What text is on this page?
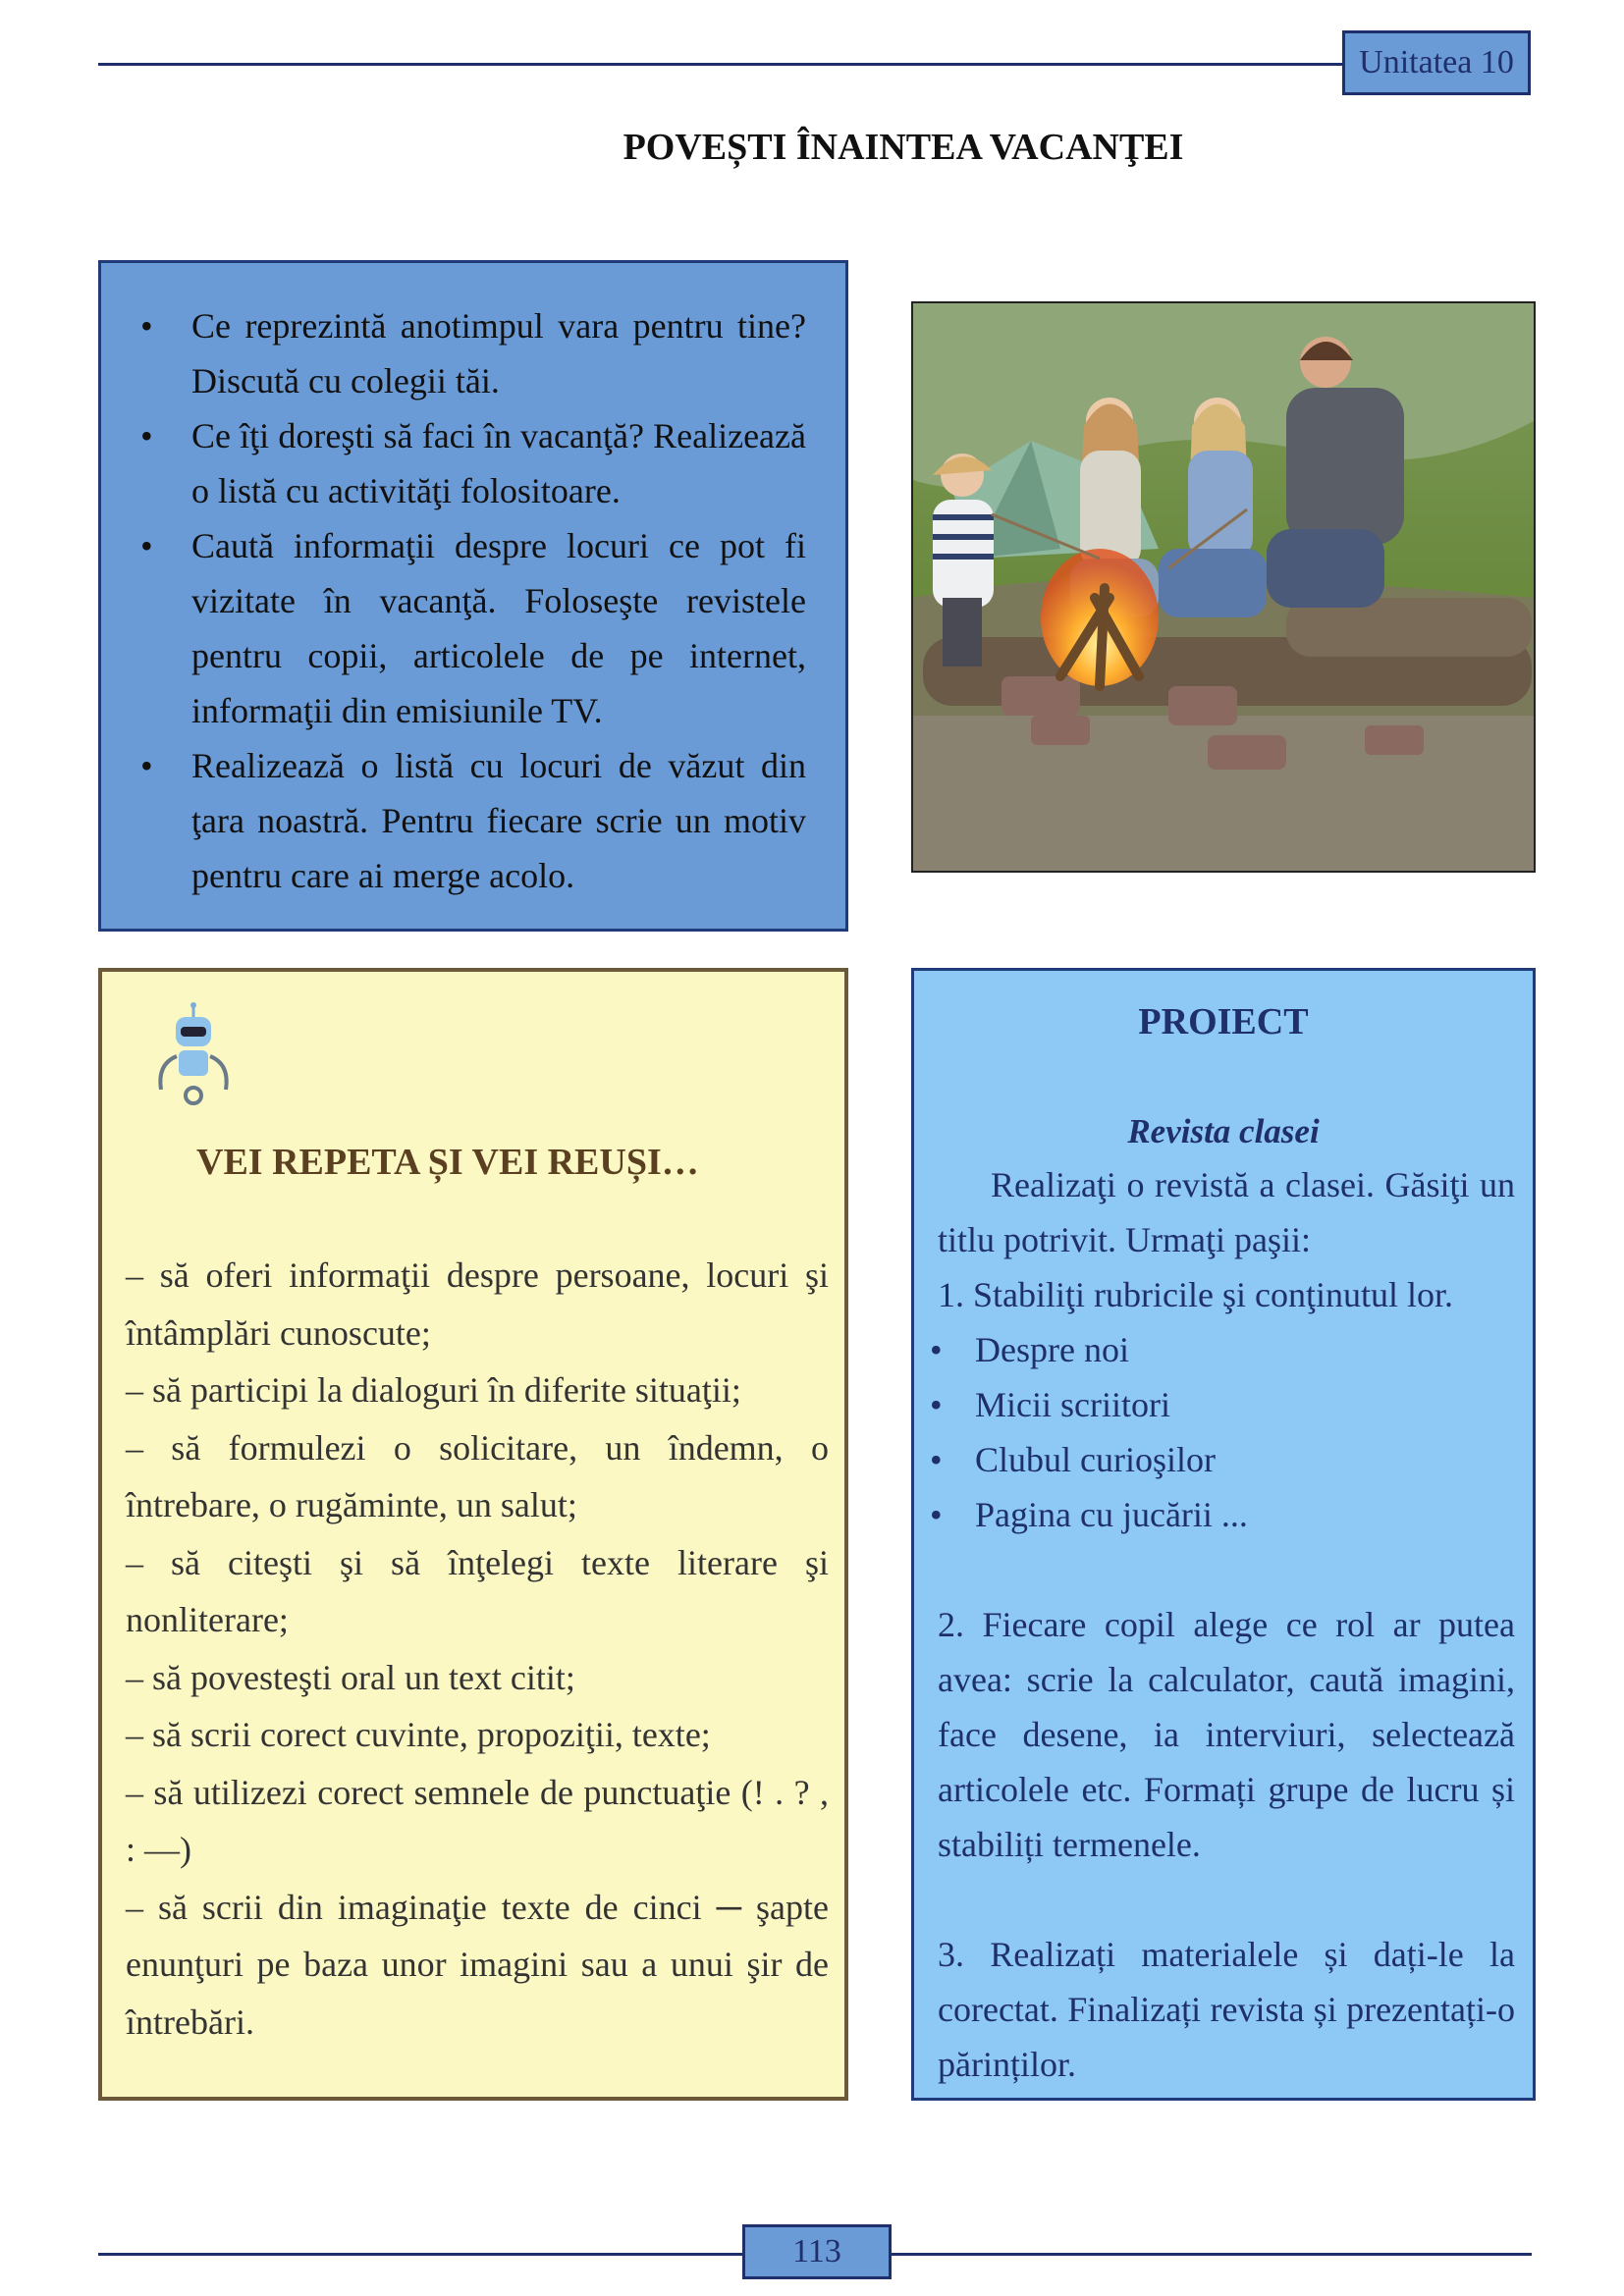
Unitatea 10
POVEȘTI ÎNAINTEA VACANŢEI
• Ce reprezintă anotimpul vara pentru tine? Discută cu colegii tăi.
• Ce îţi doreşti să faci în vacanţă? Realizează o listă cu activităţi folositoare.
• Caută informaţii despre locuri ce pot fi vizitate în vacanţă. Foloseşte revistele pentru copii, articolele de pe internet, informaţii din emisiunile TV.
• Realizează o listă cu locuri de văzut din ţara noastră. Pentru fiecare scrie un motiv pentru care ai merge acolo.
VEI REPETA ȘI VEI REUȘI…
– să oferi informaţii despre persoane, locuri şi întâmplări cunoscute;
– să participi la dialoguri în diferite situaţii;
– să formulezi o solicitare, un îndemn, o întrebare, o rugăminte, un salut;
– să citeşti şi să înţelegi texte literare şi nonliterare;
– să povesteşti oral un text citit;
– să scrii corect cuvinte, propoziţii, texte;
– să utilizezi corect semnele de punctuaţie (! . ? , : —)
– să scrii din imaginaţie texte de cinci ─ şapte enunţuri pe baza unor imagini sau a unui şir de întrebări.
PROIECT
Revista clasei

Realizaţi o revistă a clasei. Găsiţi un titlu potrivit. Urmaţi paşii:

1. Stabiliţi rubricile şi conţinutul lor.

• Despre noi
• Micii scriitori
• Clubul curioşilor
• Pagina cu jucării ...

2. Fiecare copil alege ce rol ar putea avea: scrie la calculator, caută imagini, face desene, ia interviuri, selectează articolele etc. Formați grupe de lucru și stabiliți termenele.

3. Realizați materialele și dați-le la corectat. Finalizați revista și prezentați-o părinților.

113
